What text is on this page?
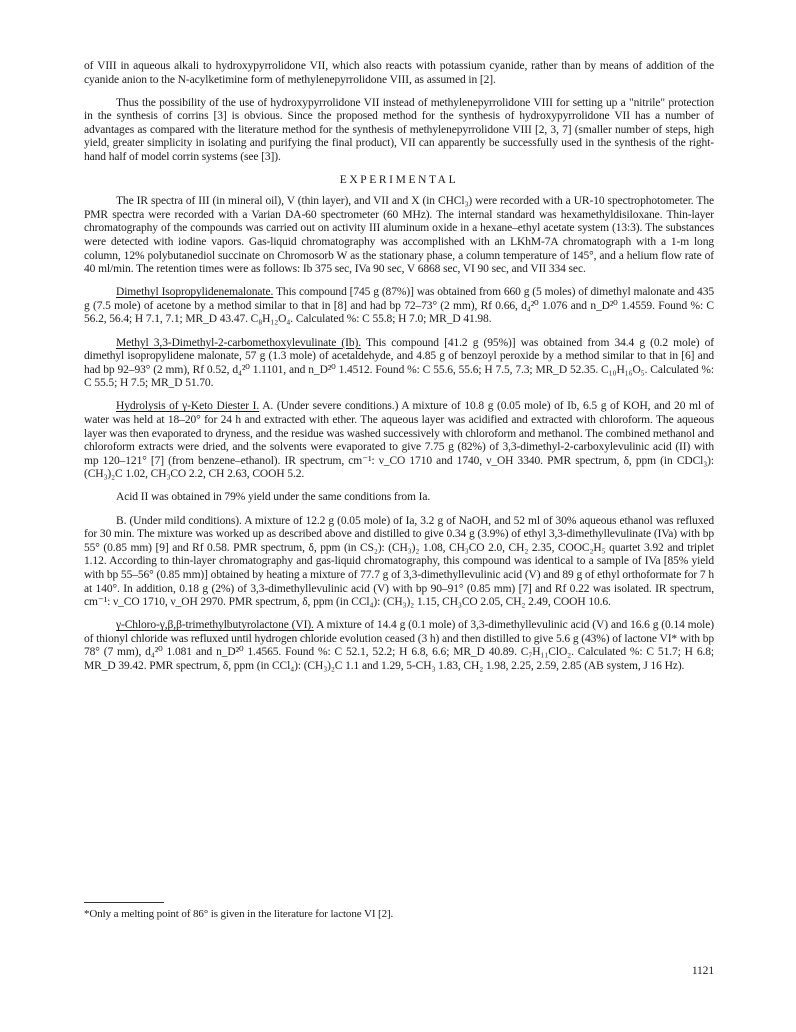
of VIII in aqueous alkali to hydroxypyrrolidone VII, which also reacts with potassium cyanide, rather than by means of addition of the cyanide anion to the N-acylketimine form of methylenepyrrolidone VIII, as assumed in [2].

Thus the possibility of the use of hydroxypyrrolidone VII instead of methylenepyrrolidone VIII for setting up a "nitrile" protection in the synthesis of corrins [3] is obvious. Since the proposed method for the synthesis of hydroxypyrrolidone VII has a number of advantages as compared with the literature method for the synthesis of methylenepyrrolidone VIII [2, 3, 7] (smaller number of steps, high yield, greater simplicity in isolating and purifying the final product), VII can apparently be successfully used in the synthesis of the right-hand half of model corrin systems (see [3]).

EXPERIMENTAL

The IR spectra of III (in mineral oil), V (thin layer), and VII and X (in CHCl₃) were recorded with a UR-10 spectrophotometer. The PMR spectra were recorded with a Varian DA-60 spectrometer (60 MHz). The internal standard was hexamethyldisiloxane. Thin-layer chromatography of the compounds was carried out on activity III aluminum oxide in a hexane–ethyl acetate system (13:3). The substances were detected with iodine vapors. Gas-liquid chromatography was accomplished with an LKhM-7A chromatograph with a 1-m long column, 12% polybutanediol succinate on Chromosorb W as the stationary phase, a column temperature of 145°, and a helium flow rate of 40 ml/min. The retention times were as follows: Ib 375 sec, IVa 90 sec, V 6868 sec, VI 90 sec, and VII 334 sec.

Dimethyl Isopropylidenemalonate. This compound [745 g (87%)] was obtained from 660 g (5 moles) of dimethyl malonate and 435 g (7.5 mole) of acetone by a method similar to that in [8] and had bp 72–73° (2 mm), Rf 0.66, d₄²⁰ 1.076 and n_D²⁰ 1.4559. Found %: C 56.2, 56.4; H 7.1, 7.1; MR_D 43.47. C₈H₁₂O₄. Calculated %: C 55.8; H 7.0; MR_D 41.98.

Methyl 3,3-Dimethyl-2-carbomethoxylevulinate (Ib). This compound [41.2 g (95%)] was obtained from 34.4 g (0.2 mole) of dimethyl isopropylidene malonate, 57 g (1.3 mole) of acetaldehyde, and 4.85 g of benzoyl peroxide by a method similar to that in [6] and had bp 92–93° (2 mm), Rf 0.52, d₄²⁰ 1.1101, and n_D²⁰ 1.4512. Found %: C 55.6, 55.6; H 7.5, 7.3; MR_D 52.35. C₁₀H₁₆O₅. Calculated %: C 55.5; H 7.5; MR_D 51.70.

Hydrolysis of γ-Keto Diester I. A. (Under severe conditions.) A mixture of 10.8 g (0.05 mole) of Ib, 6.5 g of KOH, and 20 ml of water was held at 18–20° for 24 h and extracted with ether. The aqueous layer was acidified and extracted with chloroform. The aqueous layer was then evaporated to dryness, and the residue was washed successively with chloroform and methanol. The combined methanol and chloroform extracts were dried, and the solvents were evaporated to give 7.75 g (82%) of 3,3-dimethyl-2-carboxylevulinic acid (II) with mp 120–121° [7] (from benzene–ethanol). IR spectrum, cm⁻¹: ν_CO 1710 and 1740, ν_OH 3340. PMR spectrum, δ, ppm (in CDCl₃): (CH₃)₂C 1.02, CH₃CO 2.2, CH 2.63, COOH 5.2.

Acid II was obtained in 79% yield under the same conditions from Ia.

B. (Under mild conditions). A mixture of 12.2 g (0.05 mole) of Ia, 3.2 g of NaOH, and 52 ml of 30% aqueous ethanol was refluxed for 30 min. The mixture was worked up as described above and distilled to give 0.34 g (3.9%) of ethyl 3,3-dimethyllevulinate (IVa) with bp 55° (0.85 mm) [9] and Rf 0.58. PMR spectrum, δ, ppm (in CS₂): (CH₃)₂ 1.08, CH₃CO 2.0, CH₂ 2.35, COOC₂H₅ quartet 3.92 and triplet 1.12. According to thin-layer chromatography and gas-liquid chromatography, this compound was identical to a sample of IVa [85% yield with bp 55–56° (0.85 mm)] obtained by heating a mixture of 77.7 g of 3,3-dimethyllevulinic acid (V) and 89 g of ethyl orthoformate for 7 h at 140°. In addition, 0.18 g (2%) of 3,3-dimethyllevulinic acid (V) with bp 90–91° (0.85 mm) [7] and Rf 0.22 was isolated. IR spectrum, cm⁻¹: ν_CO 1710, ν_OH 2970. PMR spectrum, δ, ppm (in CCl₄): (CH₃)₂ 1.15, CH₃CO 2.05, CH₂ 2.49, COOH 10.6.

γ-Chloro-γ,β,β-trimethylbutyrolactone (VI). A mixture of 14.4 g (0.1 mole) of 3,3-dimethyllevulinic acid (V) and 16.6 g (0.14 mole) of thionyl chloride was refluxed until hydrogen chloride evolution ceased (3 h) and then distilled to give 5.6 g (43%) of lactone VI* with bp 78° (7 mm), d₄²⁰ 1.081 and n_D²⁰ 1.4565. Found %: C 52.1, 52.2; H 6.8, 6.6; MR_D 40.89. C₇H₁₁ClO₂. Calculated %: C 51.7; H 6.8; MR_D 39.42. PMR spectrum, δ, ppm (in CCl₄): (CH₃)₂C 1.1 and 1.29, 5-CH₃ 1.83, CH₂ 1.98, 2.25, 2.59, 2.85 (AB system, J 16 Hz).

*Only a melting point of 86° is given in the literature for lactone VI [2].

1121
